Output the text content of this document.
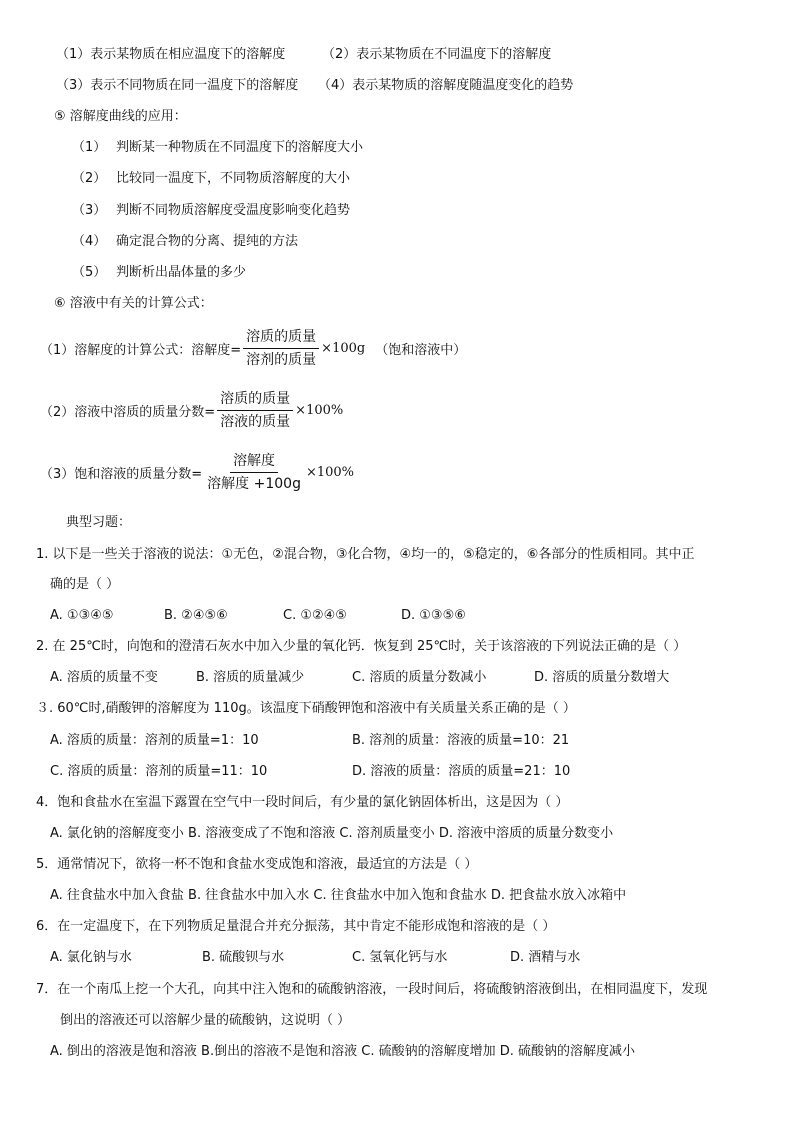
（1）表示某物质在相应温度下的溶解度	（2）表示某物质在不同温度下的溶解度
（3）表示不同物质在同一温度下的溶解度 （4）表示某物质的溶解度随温度变化的趋势
⑤ 溶解度曲线的应用：
（1） 判断某一种物质在不同温度下的溶解度大小
（2） 比较同一温度下，不同物质溶解度的大小
（3） 判断不同物质溶解度受温度影响变化趋势
（4） 确定混合物的分离、提纯的方法
（5） 判断析出晶体量的多少
⑥ 溶液中有关的计算公式：
（1）溶解度的计算公式：溶解度= $\frac{\text{溶质的质量}}{\text{溶剂的质量}} \times 100g$ （饱和溶液中）
（2）溶液中溶质的质量分数= $\frac{\text{溶质的质量}}{\text{溶液的质量}} \times 100\%$
（3）饱和溶液的质量分数= $\frac{\text{溶解度}}{\text{溶解度 +100g}} \times 100\%$
典型习题：
1. 以下是一些关于溶液的说法：①无色，②混合物，③化合物，④均一的，⑤稳定的，⑥各部分的性质相同。其中正
确的是（ ）
A. ①③④⑤	B. ②④⑤⑥	C. ①②④⑤	D. ①③⑤⑥
2. 在 25℃时，向饱和的澄清石灰水中加入少量的氧化钙．恢复到 25℃时，关于该溶液的下列说法正确的是（ ）
A. 溶质的质量不变	B. 溶质的质量减少	C. 溶质的质量分数减小	D. 溶质的质量分数增大
３. 60℃时,硝酸钾的溶解度为 110g。该温度下硝酸钾饱和溶液中有关质量关系正确的是（ ）
A. 溶质的质量：溶剂的质量=1：10	B. 溶剂的质量：溶液的质量=10：21
C. 溶质的质量：溶剂的质量=11：10	D. 溶液的质量：溶质的质量=21：10
4．饱和食盐水在室温下露置在空气中一段时间后，有少量的氯化钠固体析出，这是因为（ ）
A. 氯化钠的溶解度变小 B. 溶液变成了不饱和溶液 C. 溶剂质量变小 D. 溶液中溶质的质量分数变小
5．通常情况下，欲将一杯不饱和食盐水变成饱和溶液，最适宜的方法是（ ）
A. 往食盐水中加入食盐 B. 往食盐水中加入水 C. 往食盐水中加入饱和食盐水 D. 把食盐水放入冰箱中
6．在一定温度下，在下列物质足量混合并充分振荡，其中肯定不能形成饱和溶液的是（ ）
A. 氯化钠与水	B. 硫酸钡与水	C. 氢氧化钙与水	D. 酒精与水
7．在一个南瓜上挖一个大孔，向其中注入饱和的硫酸钠溶液，一段时间后，将硫酸钠溶液倒出，在相同温度下，发现
倒出的溶液还可以溶解少量的硫酸钠，这说明（ ）
A. 倒出的溶液是饱和溶液 B.倒出的溶液不是饱和溶液 C. 硫酸钠的溶解度增加 D. 硫酸钠的溶解度减小
